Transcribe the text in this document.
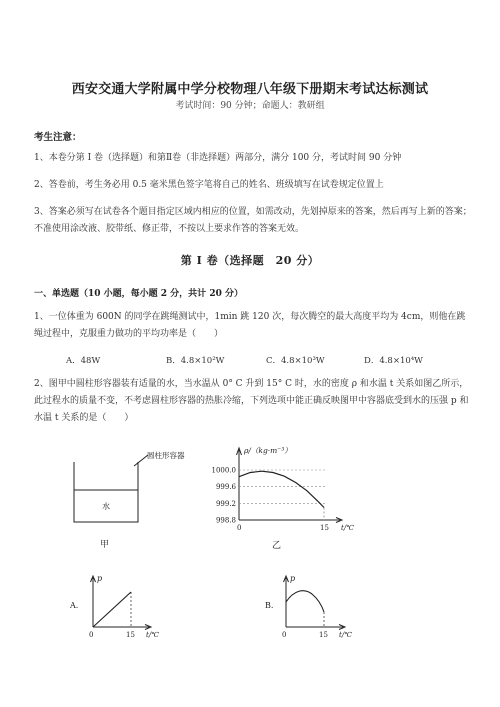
西安交通大学附属中学分校物理八年级下册期末考试达标测试
考试时间：90 分钟；命题人：教研组
考生注意：
1、本卷分第 I 卷（选择题）和第Ⅱ卷（非选择题）两部分，满分 100 分，考试时间 90 分钟
2、答卷前，考生务必用 0.5 毫米黑色签字笔将自己的姓名、班级填写在试卷规定位置上
3、答案必须写在试卷各个题目指定区域内相应的位置，如需改动，先划掉原来的答案，然后再写上新的答案；不准使用涂改液、胶带纸、修正带，不按以上要求作答的答案无效。
第 I 卷（选择题　20 分）
一、单选题（10 小题，每小题 2 分，共计 20 分）
1、一位体重为 600N 的同学在跳绳测试中，1min 跳 120 次，每次腾空的最大高度平均为 4cm，则他在跳绳过程中，克服重力做功的平均功率是（　　）
A．48W	B．4.8×10²W	C．4.8×10³W	D．4.8×10⁴W
2、图甲中圆柱形容器装有适量的水，当水温从 0° C 升到 15° C 时，水的密度 ρ 和水温 t 关系如图乙所示，此过程水的质量不变，不考虑圆柱形容器的热胀冷缩，下列选项中能正确反映图甲中容器底受到水的压强 p 和水温 t 关系的是（　　）
圆柱形容器
水
甲
998.8
999.2
999.6
1000.0
0	15
ρ/（kg·m⁻³）
t/℃
乙
A.
p
0	15 t/℃
B.
p
0	15 t/℃
